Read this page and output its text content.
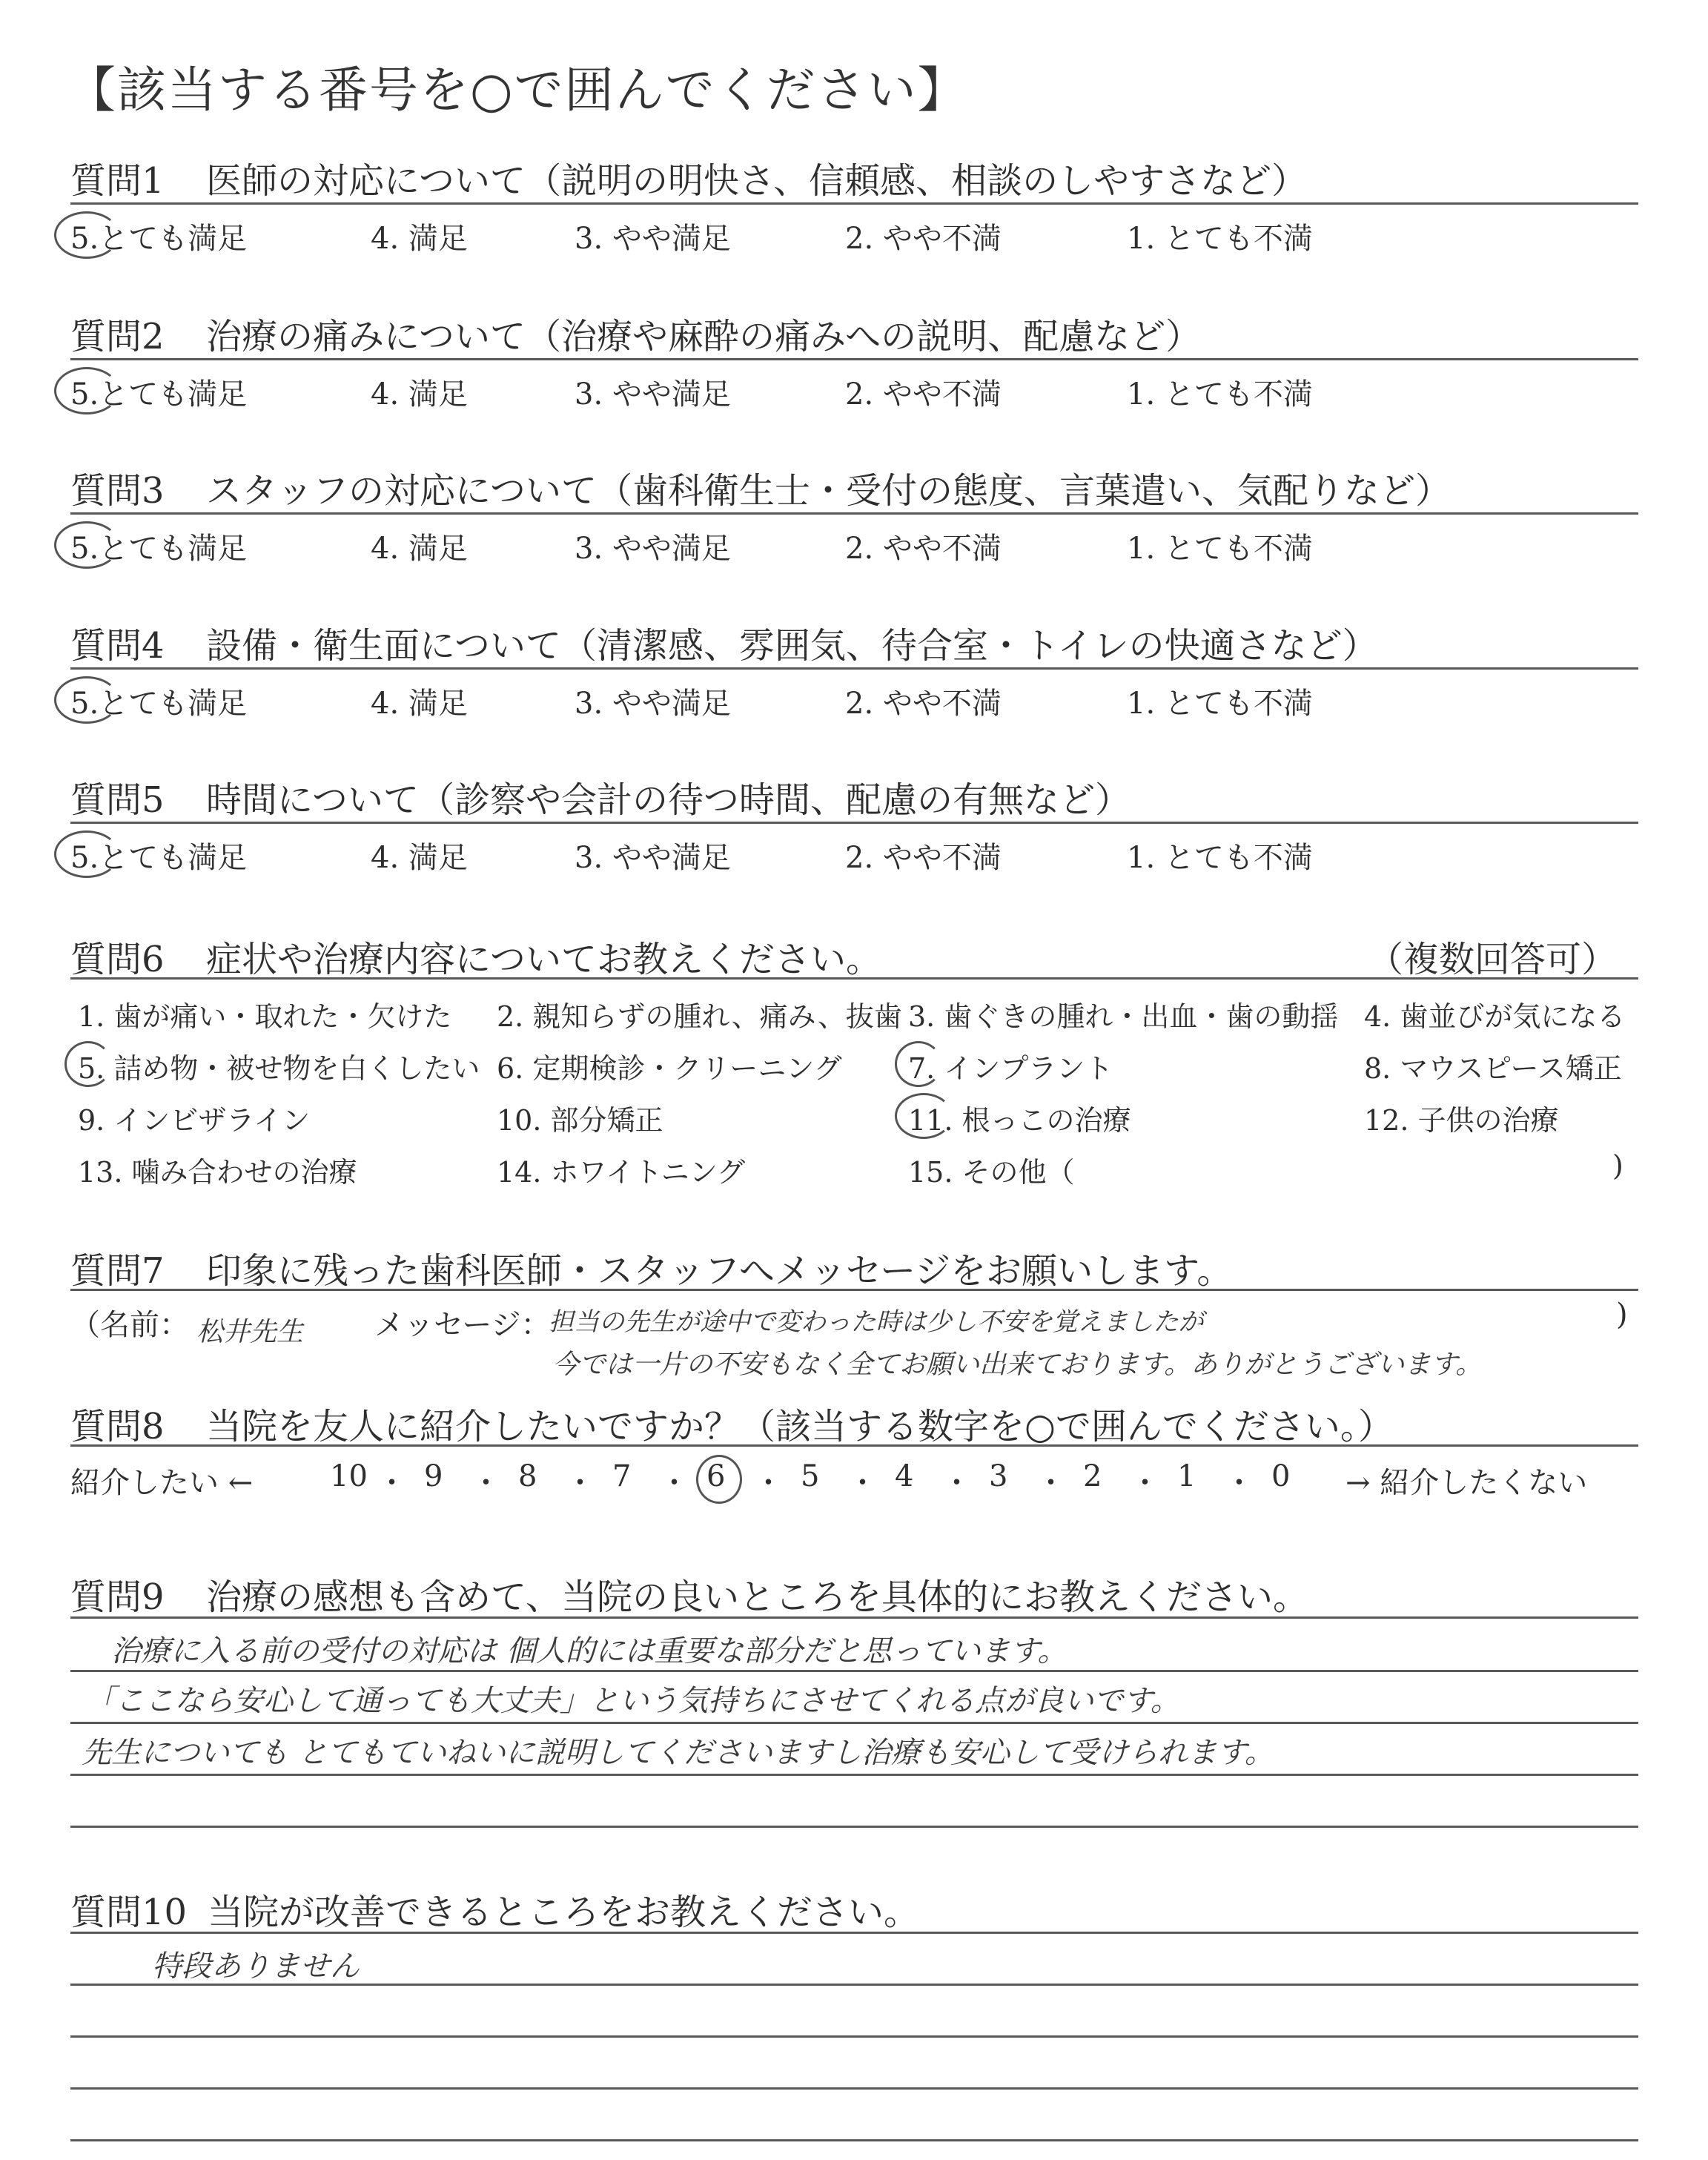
【該当する番号を○で囲んでください】
質問1 医師の対応について（説明の明快さ、信頼感、相談のしやすさなど）
5.とても満足	4. 満足	3. やや満足	2. やや不満	1. とても不満
質問2 治療の痛みについて（治療や麻酔の痛みへの説明、配慮など）
5.とても満足	4. 満足	3. やや満足	2. やや不満	1. とても不満
質問3 スタッフの対応について（歯科衛生士・受付の態度、言葉遣い、気配りなど）
5.とても満足	4. 満足	3. やや満足	2. やや不満	1. とても不満
質問4 設備・衛生面について（清潔感、雰囲気、待合室・トイレの快適さなど）
5.とても満足	4. 満足	3. やや満足	2. やや不満	1. とても不満
質問5 時間について（診察や会計の待つ時間、配慮の有無など）
5.とても満足	4. 満足	3. やや満足	2. やや不満	1. とても不満
質問6 症状や治療内容についてお教えください。	（複数回答可）
1. 歯が痛い・取れた・欠けた 2. 親知らずの腫れ、痛み、抜歯 3. 歯ぐきの腫れ・出血・歯の動揺 4. 歯並びが気になる
5. 詰め物・被せ物を白くしたい 6. 定期検診・クリーニング 7. インプラント	8. マウスピース矯正
9. インビザライン	10. 部分矯正	11. 根っこの治療	12. 子供の治療
13. 噛み合わせの治療	14. ホワイトニング	15. その他（	)
質問7 印象に残った歯科医師・スタッフへメッセージをお願いします。
（名前： 松井先生 メッセージ：
担当の先生が途中で変わった時は少し不安を覚えましたが	)
今では一片の不安もなく全てお願い出来ております。ありがとうございます。
質問8 当院を友人に紹介したいですか？（該当する数字を○で囲んでください。）
紹介したい ←	10 ・ 9 ・ 8 ・ 7 ・ 6 ・ 5 ・ 4 ・ 3 ・ 2 ・ 1 ・ 0 → 紹介したくない
質問9 治療の感想も含めて、当院の良いところを具体的にお教えください。
治療に入る前の受付の対応は 個人的には重要な部分だと思っています。
「ここなら安心して通っても大丈夫」という気持ちにさせてくれる点が良いです。
先生についても とてもていねいに説明してくださいますし治療も安心して受けられます。
質問10 当院が改善できるところをお教えください。
特段ありません
